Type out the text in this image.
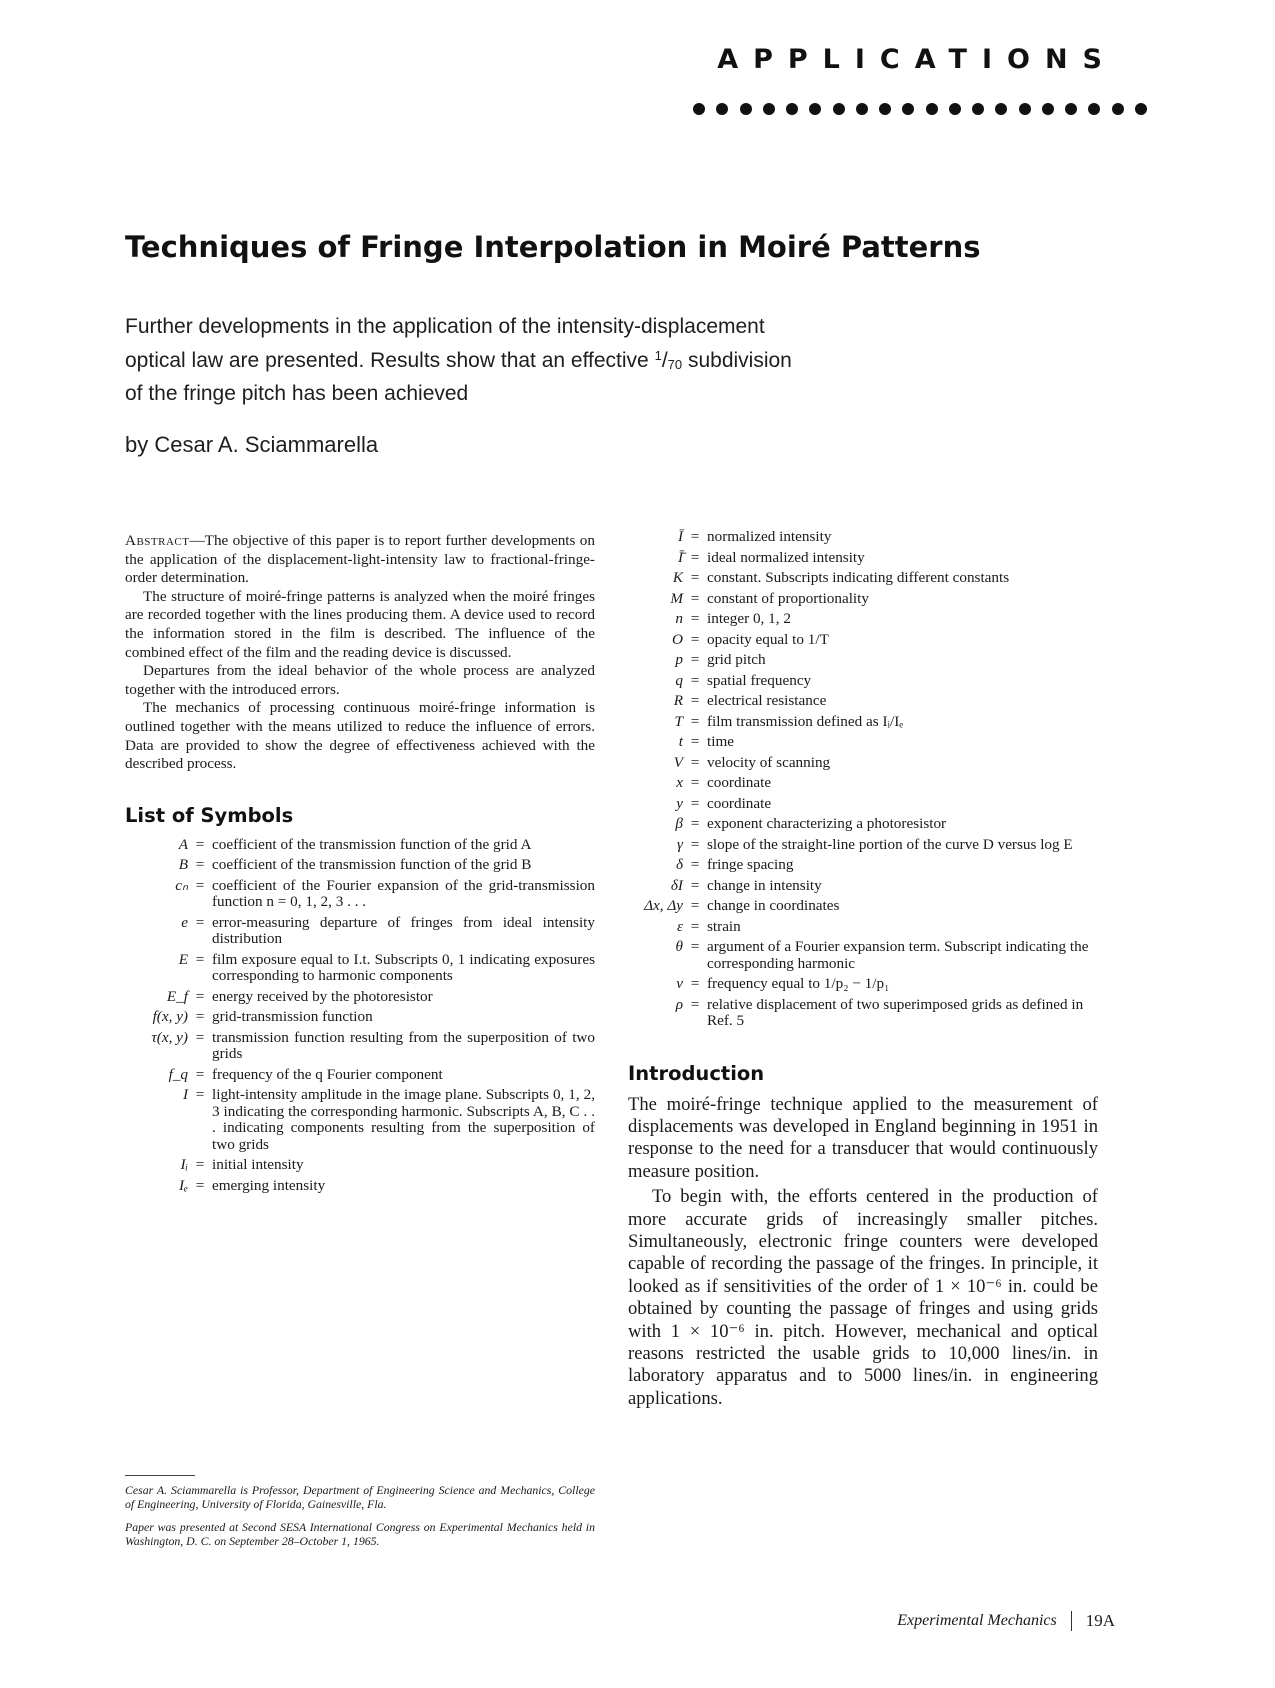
APPLICATIONS
Techniques of Fringe Interpolation in Moiré Patterns
Further developments in the application of the intensity-displacement
optical law are presented. Results show that an effective $^1$/70 subdivision
of the fringe pitch has been achieved
by Cesar A. Sciammarella

Abstract—The objective of this paper is to report further developments on the application of the displacement-light-intensity law to fractional-fringe-order determination.

The structure of moiré-fringe patterns is analyzed when the moiré fringes are recorded together with the lines producing them. A device used to record the information stored in the film is described. The influence of the combined effect of the film and the reading device is discussed.

Departures from the ideal behavior of the whole process are analyzed together with the introduced errors.

The mechanics of processing continuous moiré-fringe information is outlined together with the means utilized to reduce the influence of errors. Data are provided to show the degree of effectiveness achieved with the described process.

List of Symbols
A = coefficient of the transmission function of the grid A
B = coefficient of the transmission function of the grid B
cₙ = coefficient of the Fourier expansion of the grid-transmission function n = 0, 1, 2, 3 . . .
e = error-measuring departure of fringes from ideal intensity distribution
E = film exposure equal to I.t. Subscripts 0, 1 indicating exposures corresponding to harmonic components
E_f = energy received by the photoresistor
f(x, y) = grid-transmission function
τ(x, y) = transmission function resulting from the superposition of two grids
f_q = frequency of the q Fourier component
I = light-intensity amplitude in the image plane. Subscripts 0, 1, 2, 3 indicating the corresponding harmonic. Subscripts A, B, C . . . indicating components resulting from the superposition of two grids
Iᵢ = initial intensity
Iₑ = emerging intensity

Cesar A. Sciammarella is Professor, Department of Engineering Science and Mechanics, College of Engineering, University of Florida, Gainesville, Fla.

Paper was presented at Second SESA International Congress on Experimental Mechanics held in Washington, D. C. on September 28–October 1, 1965.

Ī = normalized intensity
Ī̄ = ideal normalized intensity
K = constant. Subscripts indicating different constants
M = constant of proportionality
n = integer 0, 1, 2
O = opacity equal to 1/T
p = grid pitch
q = spatial frequency
R = electrical resistance
T = film transmission defined as Iᵢ/Iₑ
t = time
V = velocity of scanning
x = coordinate
y = coordinate
β = exponent characterizing a photoresistor
γ = slope of the straight-line portion of the curve D versus log E
δ = fringe spacing
δI = change in intensity
Δx, Δy = change in coordinates
ε = strain
θ = argument of a Fourier expansion term. Subscript indicating the corresponding harmonic
ν = frequency equal to 1/p₂ − 1/p₁
ρ = relative displacement of two superimposed grids as defined in Ref. 5
Introduction

The moiré-fringe technique applied to the measurement of displacements was developed in England beginning in 1951 in response to the need for a transducer that would continuously measure position.

To begin with, the efforts centered in the production of more accurate grids of increasingly smaller pitches. Simultaneously, electronic fringe counters were developed capable of recording the passage of the fringes. In principle, it looked as if sensitivities of the order of 1 × 10⁻⁶ in. could be obtained by counting the passage of fringes and using grids with 1 × 10⁻⁶ in. pitch. However, mechanical and optical reasons restricted the usable grids to 10,000 lines/in. in laboratory apparatus and to 5000 lines/in. in engineering applications.

Experimental Mechanics 19A
